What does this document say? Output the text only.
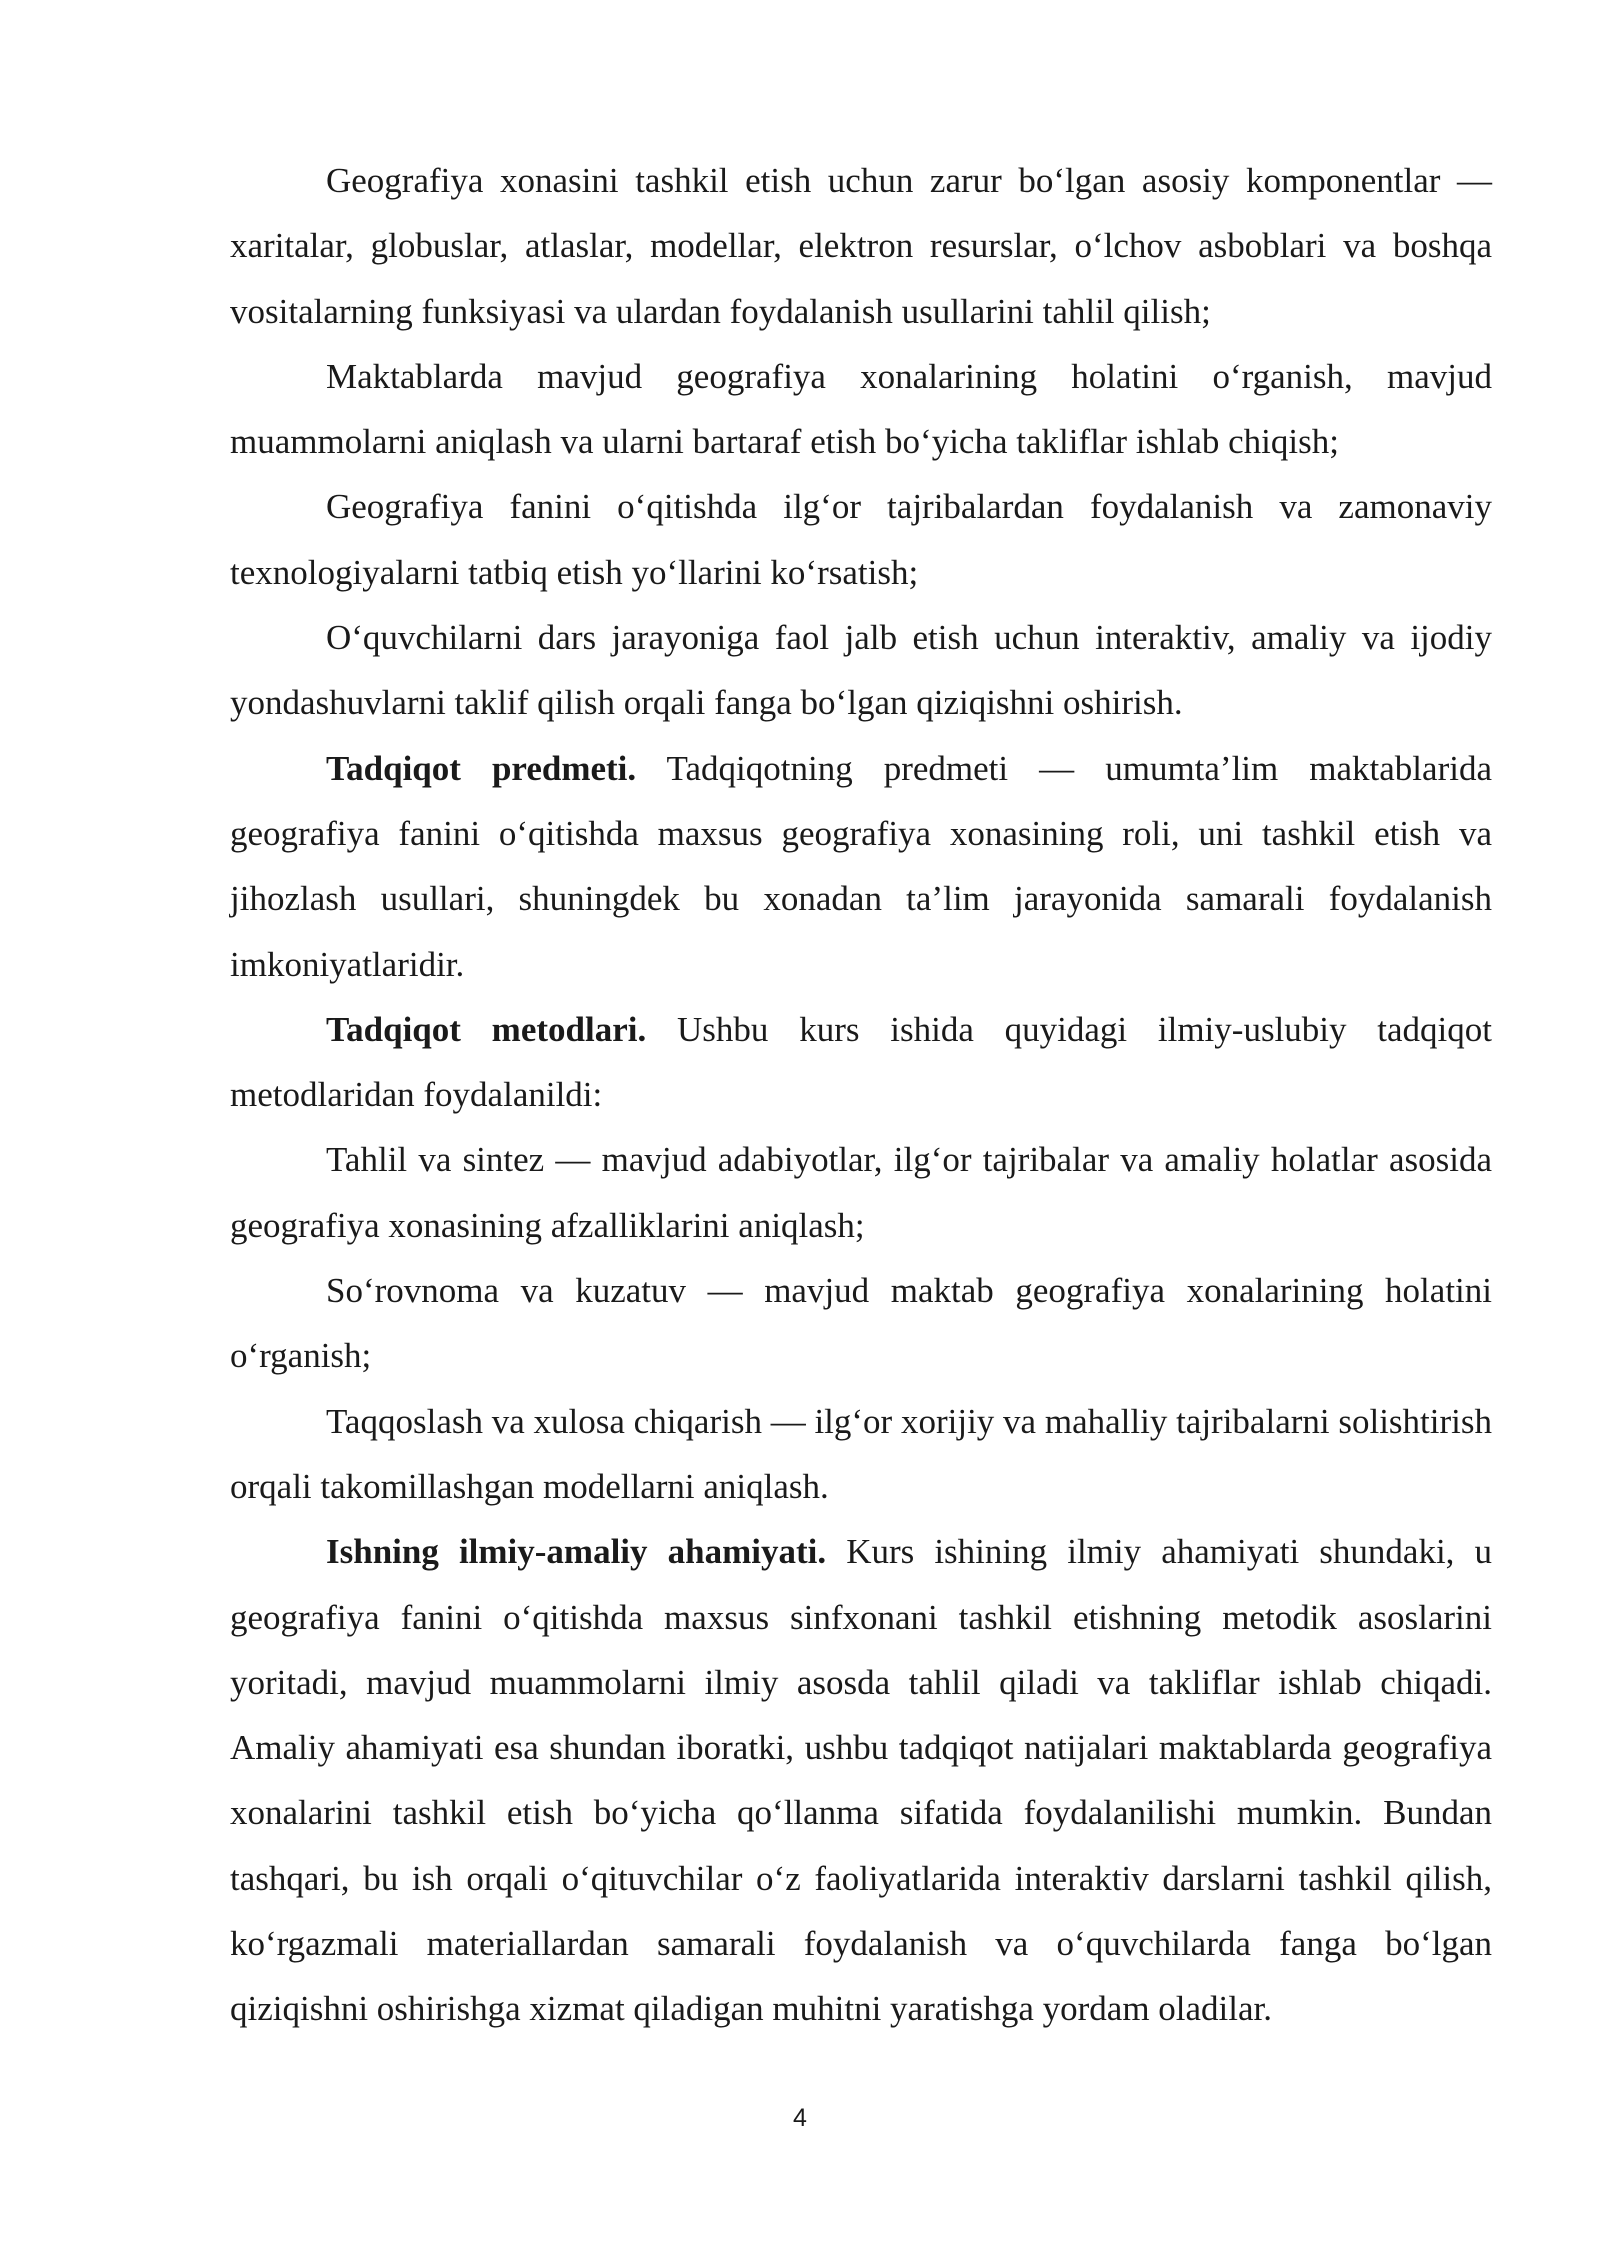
Geografiya xonasini tashkil etish uchun zarur bo‘lgan asosiy komponentlar — xaritalar, globuslar, atlaslar, modellar, elektron resurslar, o‘lchov asboblari va boshqa vositalarning funksiyasi va ulardan foydalanish usullarini tahlil qilish;

Maktablarda mavjud geografiya xonalarining holatini o‘rganish, mavjud muammolarni aniqlash va ularni bartaraf etish bo‘yicha takliflar ishlab chiqish;

Geografiya fanini o‘qitishda ilg‘or tajribalardan foydalanish va zamonaviy texnologiyalarni tatbiq etish yo‘llarini ko‘rsatish;

O‘quvchilarni dars jarayoniga faol jalb etish uchun interaktiv, amaliy va ijodiy yondashuvlarni taklif qilish orqali fanga bo‘lgan qiziqishni oshirish.

Tadqiqot predmeti. Tadqiqotning predmeti — umumta’lim maktablarida geografiya fanini o‘qitishda maxsus geografiya xonasining roli, uni tashkil etish va jihozlash usullari, shuningdek bu xonadan ta’lim jarayonida samarali foydalanish imkoniyatlaridir.

Tadqiqot metodlari. Ushbu kurs ishida quyidagi ilmiy-uslubiy tadqiqot metodlaridan foydalanildi:

Tahlil va sintez — mavjud adabiyotlar, ilg‘or tajribalar va amaliy holatlar asosida geografiya xonasining afzalliklarini aniqlash;

So‘rovnoma va kuzatuv — mavjud maktab geografiya xonalarining holatini o‘rganish;

Taqqoslash va xulosa chiqarish — ilg‘or xorijiy va mahalliy tajribalarni solishtirish orqali takomillashgan modellarni aniqlash.

Ishning ilmiy-amaliy ahamiyati. Kurs ishining ilmiy ahamiyati shundaki, u geografiya fanini o‘qitishda maxsus sinfxonani tashkil etishning metodik asoslarini yoritadi, mavjud muammolarni ilmiy asosda tahlil qiladi va takliflar ishlab chiqadi. Amaliy ahamiyati esa shundan iboratki, ushbu tadqiqot natijalari maktablarda geografiya xonalarini tashkil etish bo‘yicha qo‘llanma sifatida foydalanilishi mumkin. Bundan tashqari, bu ish orqali o‘qituvchilar o‘z faoliyatlarida interaktiv darslarni tashkil qilish, ko‘rgazmali materiallardan samarali foydalanish va o‘quvchilarda fanga bo‘lgan qiziqishni oshirishga xizmat qiladigan muhitni yaratishga yordam oladilar.

4
